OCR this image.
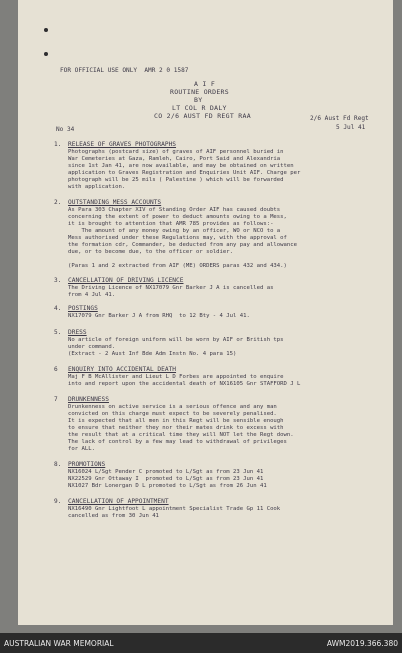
FOR OFFICIAL USE ONLY  AMR 2 0 1587
A I F
ROUTINE ORDERS
BY
LT COL R DALY
CO 2/6 AUST FD REGT RAA	2/6 Aust Fd Regt
5 Jul 41
No 34
1. RELEASE OF GRAVES PHOTOGRAPHS
Photographs (postcard size) of graves of AIF personnel buried in
War Cemeteries at Gaza, Ramleh, Cairo, Port Said and Alexandria
since 1st Jan 41, are now available, and may be obtained on written
application to Graves Registration and Enquiries Unit AIF. Charge per
photograph will be 25 mils ( Palestine ) which will be forwarded
with application.
2. OUTSTANDING MESS ACCOUNTS
As Para 303 Chapter XIV of Standing Order AIF has caused doubts
concerning the extent of power to deduct amounts owing to a Mess,
it is brought to attention that AMR 785 provides as follows:-
The amount of any money owing by an officer, WO or NCO to a
Mess authorised under these Regulations may, with the approval of
the formation cdr, Commander, be deducted from any pay and allowance
due, or to become due, to the officer or soldier.
(Paras 1 and 2 extracted from AIF (ME) ORDERS paras 432 and 434.)
3. CANCELLATION OF DRIVING LICENCE
The Driving Licence of NX17079 Gnr Barker J A is cancelled as
from 4 Jul 41.
4. POSTINGS
NX17079 Gnr Barker J A from RHQ  to 12 Bty - 4 Jul 41.
5. DRESS
No article of foreign uniform will be worn by AIF or British tps
under command.
(Extract - 2 Aust Inf Bde Adm Instn No. 4 para 15)
6 ENQUIRY INTO ACCIDENTAL DEATH
Maj F B McAllister and Lieut L D Forbes are appointed to enquire
into and report upon the accidental death of NX16105 Gnr STAFFORD J L
7 DRUNKENNESS
Drunkenness on active service is a serious offence and any man
convicted on this charge must expect to be severely penalised.
It is expected that all men in this Regt will be sensible enough
to ensure that neither they nor their mates drink to excess with
the result that at a critical time they will NOT let the Regt down.
The lack of control by a few may lead to withdrawal of privileges
for ALL.
8. PROMOTIONS
NX16024 L/Sgt Pender C promoted to L/Sgt as from 23 Jun 41
NX22529 Gnr Ottaway I  promoted to L/Sgt as from 23 Jun 41
NX1027 Bdr Lonergan D L promoted to L/Sgt as from 26 Jun 41
9. CANCELLATION OF APPOINTMENT
NX16490 Gnr Lightfoot L appointment Specialist Trade Gp 11 Cook
cancelled as from 30 Jun 41
AUSTRALIAN WAR MEMORIAL	AWM2019.366.380
